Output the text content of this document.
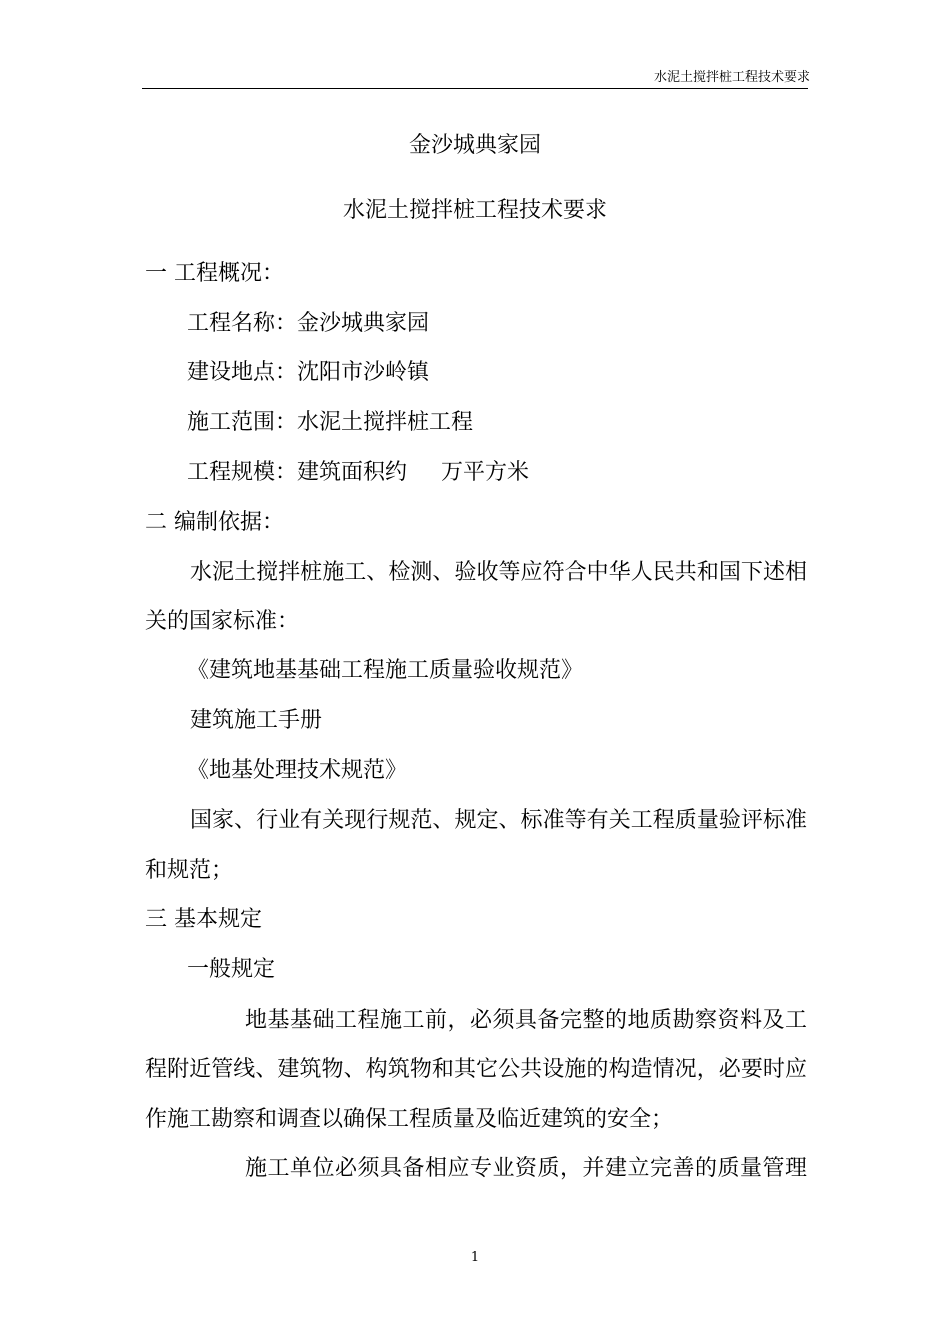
水泥土搅拌桩工程技术要求
金沙城典家园
水泥土搅拌桩工程技术要求
一 工程概况：
工程名称：金沙城典家园
建设地点：沈阳市沙岭镇
施工范围：水泥土搅拌桩工程
工程规模：建筑面积约 万平方米
二 编制依据：
水泥土搅拌桩施工、检测、验收等应符合中华人民共和国下述相
关的国家标准：
《建筑地基基础工程施工质量验收规范》
建筑施工手册
《地基处理技术规范》
国家、行业有关现行规范、规定、标准等有关工程质量验评标准
和规范；
三 基本规定
一般规定
地基基础工程施工前，必须具备完整的地质勘察资料及工
程附近管线、建筑物、构筑物和其它公共设施的构造情况，必要时应
作施工勘察和调查以确保工程质量及临近建筑的安全；
施工单位必须具备相应专业资质，并建立完善的质量管理
1
